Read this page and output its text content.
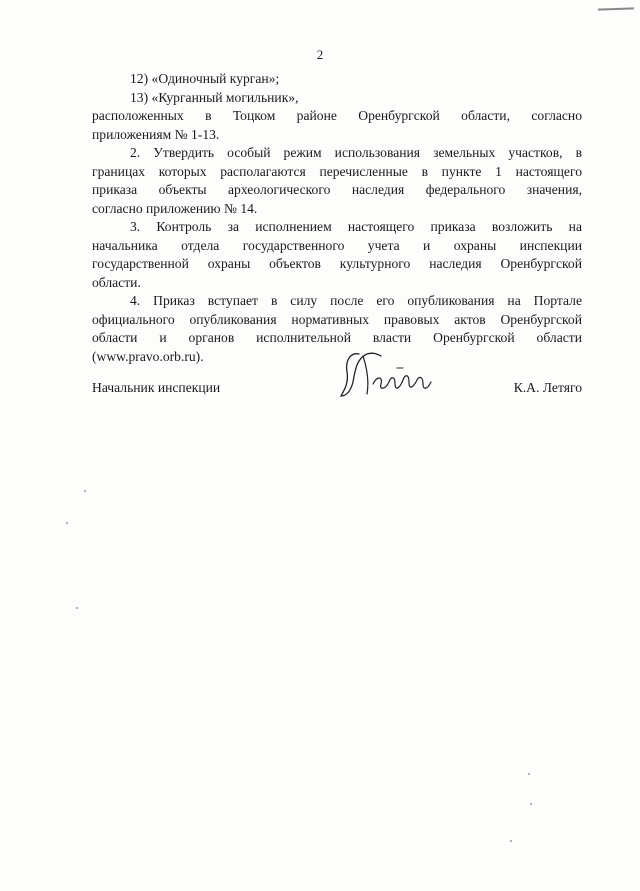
2
12) «Одиночный курган»;
13) «Курганный могильник»,
расположенных в Тоцком районе Оренбургской области, согласно
приложениям № 1-13.
2. Утвердить особый режим использования земельных участков, в
границах которых располагаются перечисленные в пункте 1 настоящего
приказа объекты археологического наследия федерального значения,
согласно приложению № 14.
3. Контроль за исполнением настоящего приказа возложить на
начальника отдела государственного учета и охраны инспекции
государственной охраны объектов культурного наследия Оренбургской
области.
4. Приказ вступает в силу после его опубликования на Портале
официального опубликования нормативных правовых актов Оренбургской
области и органов исполнительной власти Оренбургской области
(www.pravo.orb.ru).
Начальник инспекции	К.А. Летяго
